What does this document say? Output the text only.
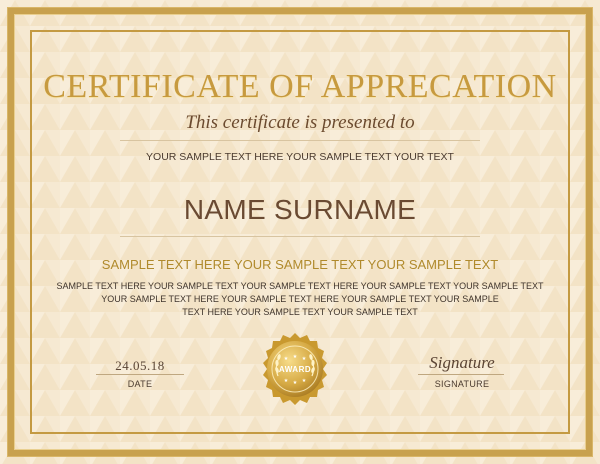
CERTIFICATE OF APPRECATION
This certificate is presented to
YOUR SAMPLE TEXT HERE YOUR SAMPLE TEXT YOUR TEXT
NAME SURNAME
SAMPLE TEXT HERE YOUR SAMPLE TEXT YOUR SAMPLE TEXT
SAMPLE TEXT HERE YOUR SAMPLE TEXT YOUR SAMPLE TEXT HERE YOUR SAMPLE TEXT YOUR SAMPLE TEXT
YOUR SAMPLE TEXT HERE YOUR SAMPLE TEXT HERE YOUR SAMPLE TEXT YOUR SAMPLE
TEXT HERE YOUR SAMPLE TEXT YOUR SAMPLE TEXT
24.05.18
DATE
★ ★ ★
★ ★ ★
AWARD	Signature
SIGNATURE
